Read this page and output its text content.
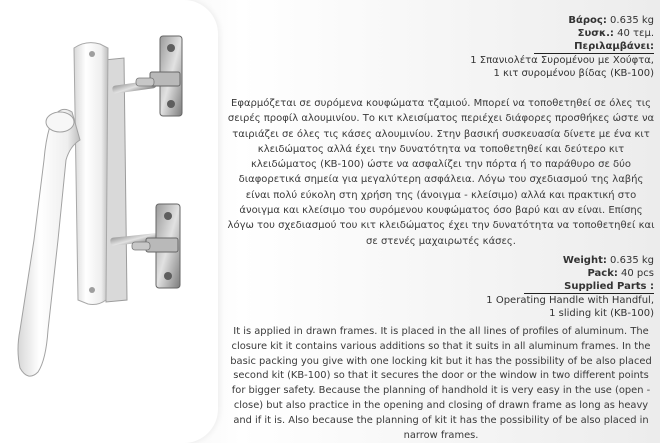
Βάρος: 0.635 kg
Συσκ.: 40 τεμ.
Περιλαμβάνει:
1 Σπανιολέτα Συρομένου με Χούφτα,
1 κιτ συρομένου βίδας (KB-100)
Εφαρμόζεται σε συρόμενα κουφώματα τζαμιού. Μπορεί να τοποθετηθεί σε όλες τις σειρές προφίλ αλουμινίου. Το κιτ κλεισίματος περιέχει διάφορες προσθήκες ώστε να ταιριάζει σε όλες τις κάσες αλουμινίου. Στην βασική συσκευασία δίνετε με ένα κιτ κλειδώματος αλλά έχει την δυνατότητα να τοποθετηθεί και δεύτερο κιτ κλειδώματος (KB-100) ώστε να ασφαλίζει την πόρτα ή το παράθυρο σε δύο διαφορετικά σημεία για μεγαλύτερη ασφάλεια. Λόγω του σχεδιασμού της λαβής είναι πολύ εύκολη στη χρήση της (άνοιγμα - κλείσιμο) αλλά και πρακτική στο άνοιγμα και κλείσιμο του συρόμενου κουφώματος όσο βαρύ και αν είναι. Επίσης λόγω του σχεδιασμού του κιτ κλειδώματος έχει την δυνατότητα να τοποθετηθεί και σε στενές μαχαιρωτές κάσες.
Weight: 0.635 kg
Pack: 40 pcs
Supplied Parts :
1 Operating Handle with Handful,
1 sliding kit (KB-100)
It is applied in drawn frames. It is placed in the all lines of profiles of aluminum. The closure kit it contains various additions so that it suits in all aluminum frames. In the basic packing you give with one locking kit but it has the possibility of be also placed second kit (KB-100) so that it secures the door or the window in two different points for bigger safety. Because the planning of handhold it is very easy in the use (open - close) but also practice in the opening and closing of drawn frame as long as heavy and if it is. Also because the planning of kit it has the possibility of be also placed in narrow frames.
